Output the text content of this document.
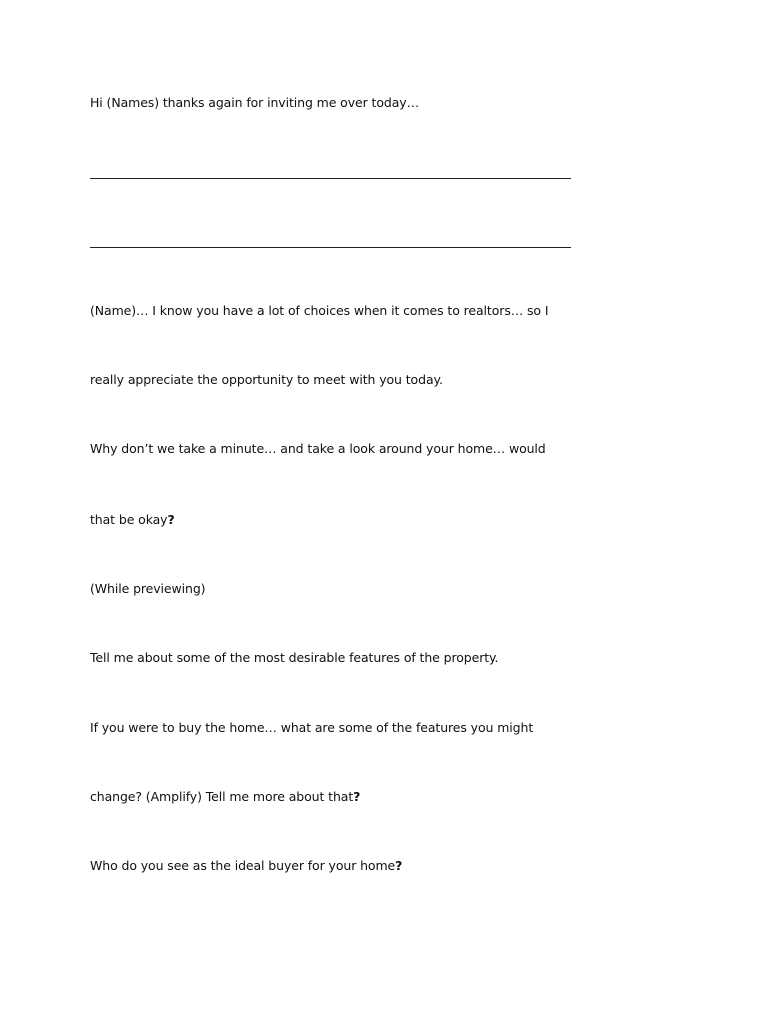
Hi (Names) thanks again for inviting me over today…
(Name)… I know you have a lot of choices when it comes to realtors… so I
really appreciate the opportunity to meet with you today.
Why don’t we take a minute… and take a look around your home… would
that be okay?
(While previewing)
Tell me about some of the most desirable features of the property.
If you were to buy the home… what are some of the features you might
change? (Amplify) Tell me more about that?
Who do you see as the ideal buyer for your home?
